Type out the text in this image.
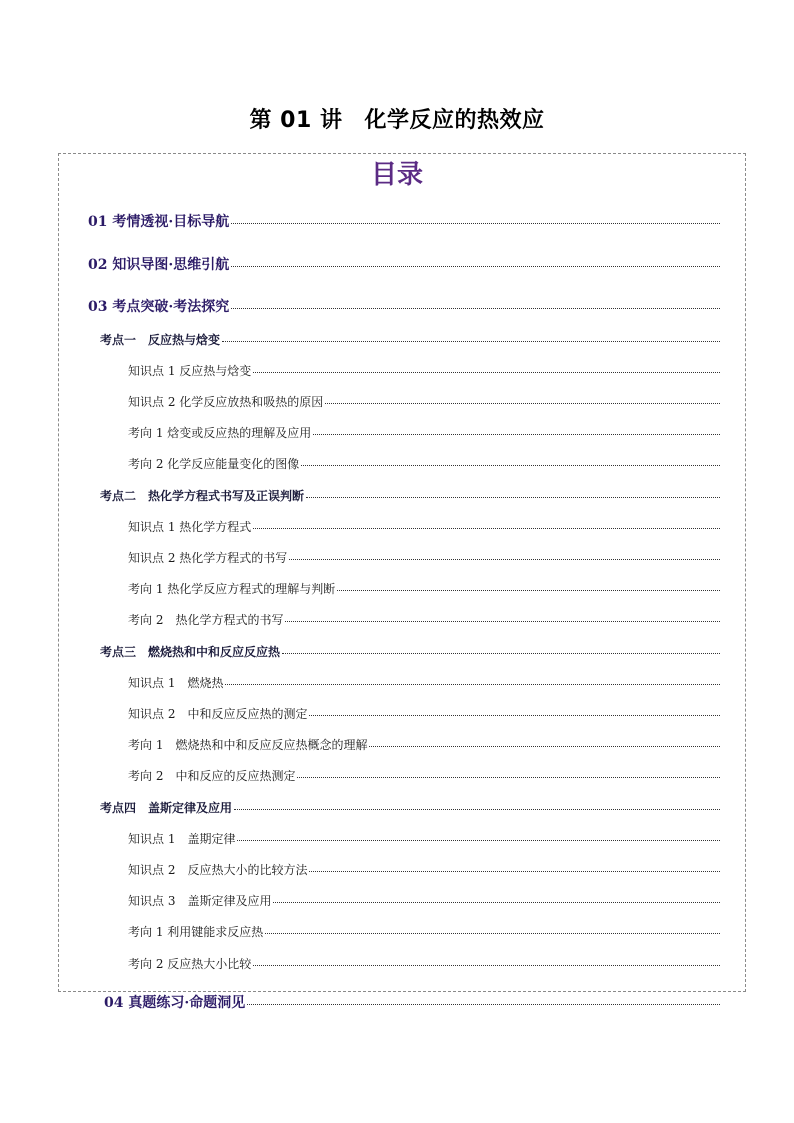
第 01 讲 化学反应的热效应
目录
01 考情透视·目标导航
02 知识导图·思维引航
03 考点突破·考法探究
考点一　反应热与焓变
知识点 1 反应热与焓变
知识点 2 化学反应放热和吸热的原因
考向 1 焓变或反应热的理解及应用
考向 2 化学反应能量变化的图像
考点二　热化学方程式书写及正误判断
知识点 1 热化学方程式
知识点 2 热化学方程式的书写
考向 1 热化学反应方程式的理解与判断
考向 2　热化学方程式的书写
考点三　燃烧热和中和反应反应热
知识点 1　燃烧热
知识点 2　中和反应反应热的测定
考向 1　燃烧热和中和反应反应热概念的理解
考向 2　中和反应的反应热测定
考点四　盖斯定律及应用
知识点 1　盖期定律
知识点 2　反应热大小的比较方法
知识点 3　盖斯定律及应用
考向 1 利用键能求反应热
考向 2 反应热大小比较
04 真题练习·命题洞见
